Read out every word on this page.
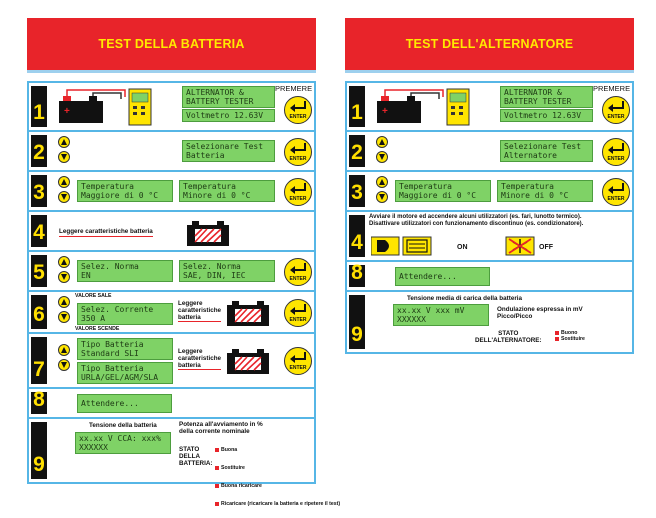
TEST DELLA BATTERIA
1 +
ALTERNATOR &
BATTERY TESTER
Voltmetro 12.63V
PREMERE
ENTER
2	Selezionare Test
Batteria	ENTER
3	Temperatura
Maggiore di 0 °C
Temperatura
Minore di 0 °C	ENTER
4	Leggere caratteristiche batteria
5	Selez. Norma
EN
Selez. Norma
SAE, DIN, IEC	ENTER
6
VALORE SALE
VALORE SCENDE
Selez. Corrente
350 A
Leggere
caratteristiche
batteria	ENTER
7
Tipo Batteria
Standard SLI
Tipo Batteria
URLA/GEL/AGM/SLA
Leggere
caratteristiche
batteria	ENTER
8	Attendere...
9
Tensione della batteria	Potenza all'avviamento in %
della corrente nominale
xx.xx V CCA: xxx%
XXXXXX	STATO
DELLA
BATTERIA:

Buona

Sostituire

Buona ricaricare

Ricaricare (ricaricare la batteria e ripetere il test)

TEST DELL'ALTERNATORE
1 +
ALTERNATOR &
BATTERY TESTER
Voltmetro 12.63V
PREMERE
ENTER
2	Selezionare Test
Alternatore	ENTER
3	Temperatura
Maggiore di 0 °C
Temperatura
Minore di 0 °C	ENTER
4
Avviare il motore ed accendere alcuni utilizzatori (es. fari, lunotto termico).
Disattivare utilizzatori con funzionamento discontinuo (es. condizionatore).
ON	OFF
8	Attendere...
9
Tensione media di carica della batteria
xx.xx V xxx mV
XXXXXX
Ondulazione espressa in mV
Picco/Picco
STATO
DELL'ALTERNATORE:
Buono
Sostituire
